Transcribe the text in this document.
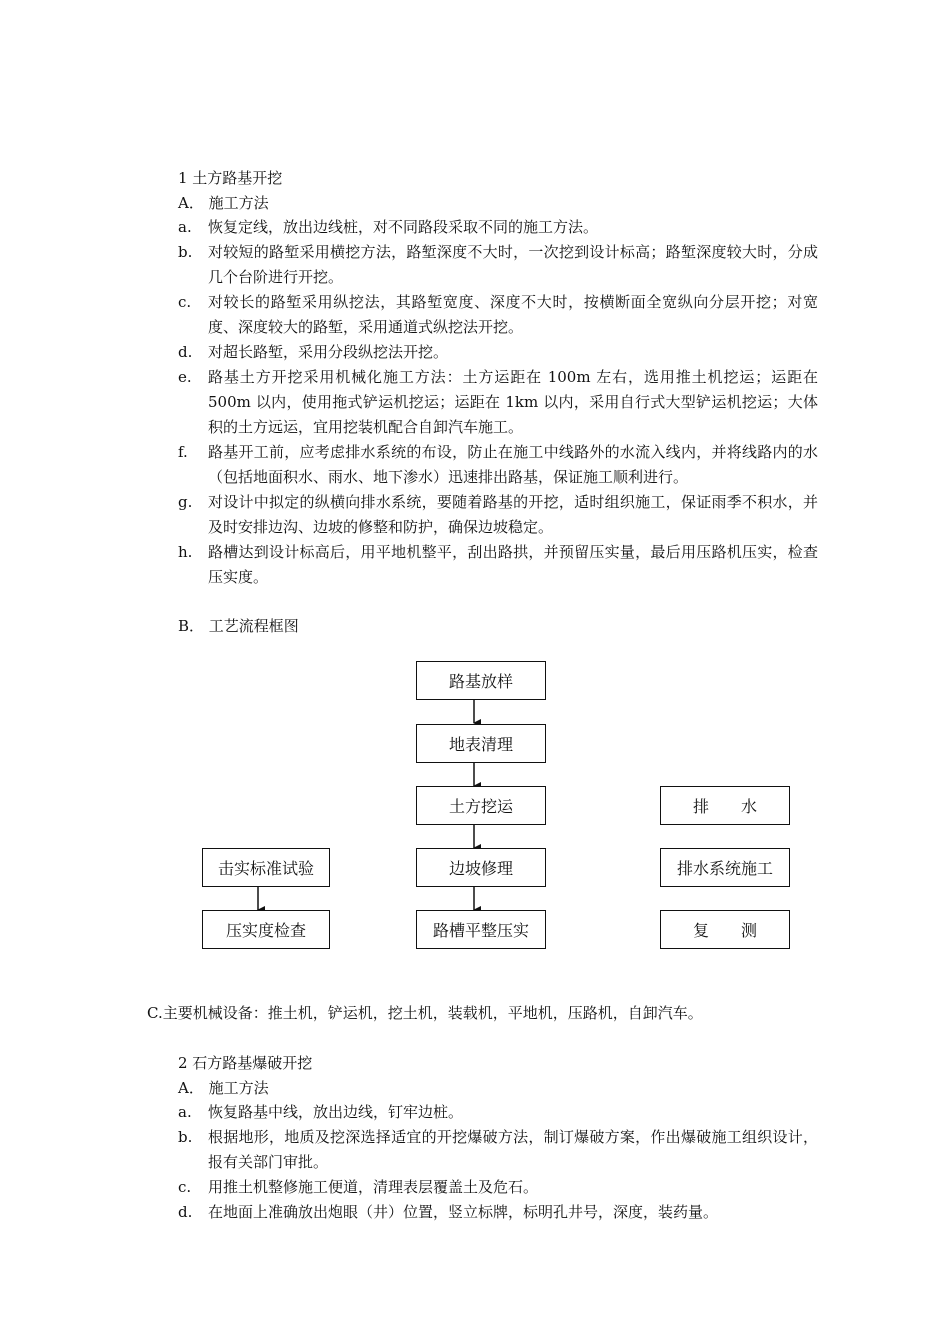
1 土方路基开挖
A． 施工方法
a. 恢复定线，放出边线桩，对不同路段采取不同的施工方法。
b. 对较短的路堑采用横挖方法，路堑深度不大时，一次挖到设计标高；路堑深度较大时，分成几个台阶进行开挖。
c. 对较长的路堑采用纵挖法，其路堑宽度、深度不大时，按横断面全宽纵向分层开挖；对宽度、深度较大的路堑，采用通道式纵挖法开挖。
d. 对超长路堑，采用分段纵挖法开挖。
e. 路基土方开挖采用机械化施工方法：土方运距在 100m 左右，选用推土机挖运；运距在 500m 以内，使用拖式铲运机挖运；运距在 1km 以内，采用自行式大型铲运机挖运；大体积的土方远运，宜用挖装机配合自卸汽车施工。
f. 路基开工前，应考虑排水系统的布设，防止在施工中线路外的水流入线内，并将线路内的水（包括地面积水、雨水、地下渗水）迅速排出路基，保证施工顺利进行。
g. 对设计中拟定的纵横向排水系统，要随着路基的开挖，适时组织施工，保证雨季不积水，并及时安排边沟、边坡的修整和防护，确保边坡稳定。
h. 路槽达到设计标高后，用平地机整平，刮出路拱，并预留压实量，最后用压路机压实，检查压实度。
B． 工艺流程框图
路基放样
地表清理
土方挖运
边坡修理
路槽平整压实
击实标准试验
压实度检查
排　　水
排水系统施工
复　　测
C.主要机械设备：推土机，铲运机，挖土机，装载机，平地机，压路机，自卸汽车。
2 石方路基爆破开挖
A． 施工方法
a. 恢复路基中线，放出边线，钉牢边桩。
b. 根据地形，地质及挖深选择适宜的开挖爆破方法，制订爆破方案，作出爆破施工组织设计，报有关部门审批。
c. 用推土机整修施工便道，清理表层覆盖土及危石。
d. 在地面上准确放出炮眼（井）位置，竖立标牌，标明孔井号，深度，装药量。
